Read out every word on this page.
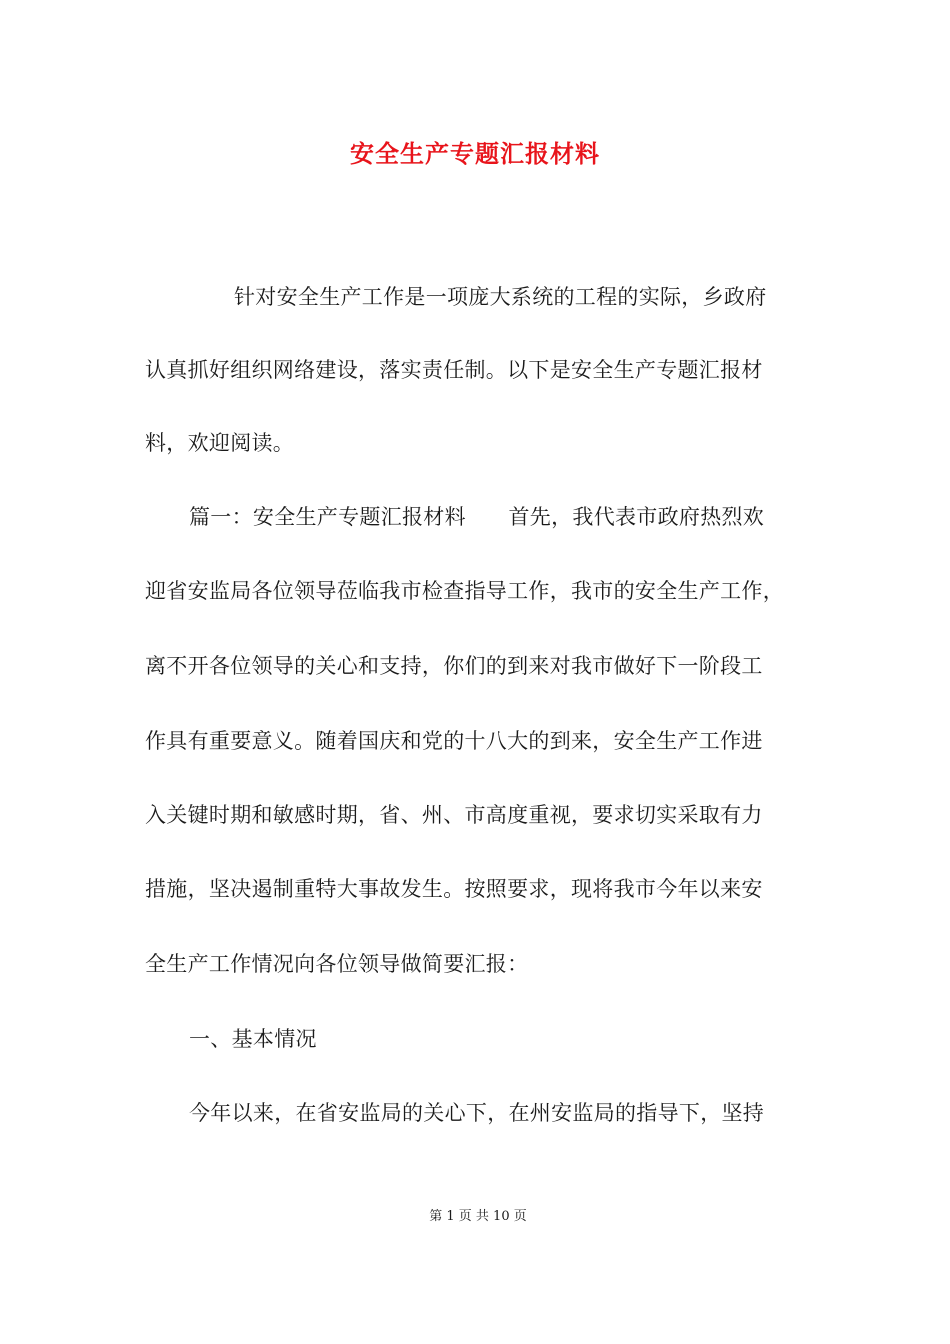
安全生产专题汇报材料
针对安全生产工作是一项庞大系统的工程的实际，乡政府
认真抓好组织网络建设，落实责任制。以下是安全生产专题汇报材
料，欢迎阅读。
篇一：安全生产专题汇报材料　　首先，我代表市政府热烈欢
迎省安监局各位领导莅临我市检查指导工作，我市的安全生产工作，
离不开各位领导的关心和支持，你们的到来对我市做好下一阶段工
作具有重要意义。随着国庆和党的十八大的到来，安全生产工作进
入关键时期和敏感时期，省、州、市高度重视，要求切实采取有力
措施，坚决遏制重特大事故发生。按照要求，现将我市今年以来安
全生产工作情况向各位领导做简要汇报：
一、基本情况
今年以来，在省安监局的关心下，在州安监局的指导下，坚持
第 1 页 共 10 页
